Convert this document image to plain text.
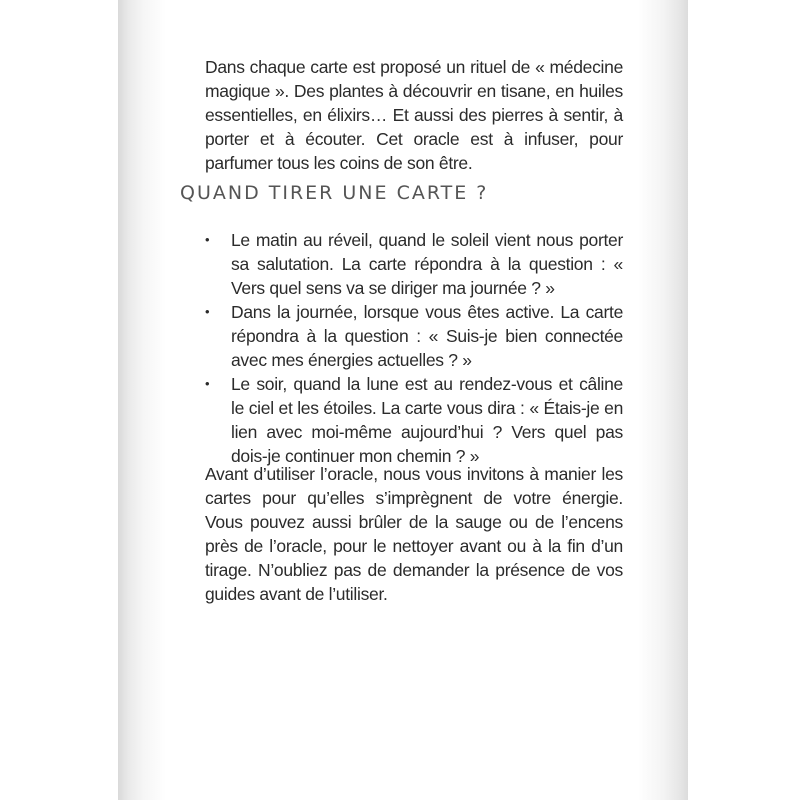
Dans chaque carte est proposé un rituel de « médecine magique ». Des plantes à découvrir en tisane, en huiles essentielles, en élixirs… Et aussi des pierres à sentir, à porter et à écouter. Cet oracle est à infuser, pour parfumer tous les coins de son être.

QUAND TIRER UNE CARTE ?
•	Le matin au réveil, quand le soleil vient nous porter sa salutation. La carte répondra à la question : « Vers quel sens va se diriger ma journée ? »
•	Dans la journée, lorsque vous êtes active. La carte répondra à la question : « Suis-je bien connectée avec mes énergies actuelles ? »
•	Le soir, quand la lune est au rendez-vous et câline le ciel et les étoiles. La carte vous dira : « Étais-je en lien avec moi-même aujourd’hui ? Vers quel pas dois-je continuer mon chemin ? »

Avant d’utiliser l’oracle, nous vous invitons à manier les cartes pour qu’elles s’imprègnent de votre énergie. Vous pouvez aussi brûler de la sauge ou de l’encens près de l’oracle, pour le nettoyer avant ou à la fin d’un tirage. N’oubliez pas de demander la présence de vos guides avant de l’utiliser.
